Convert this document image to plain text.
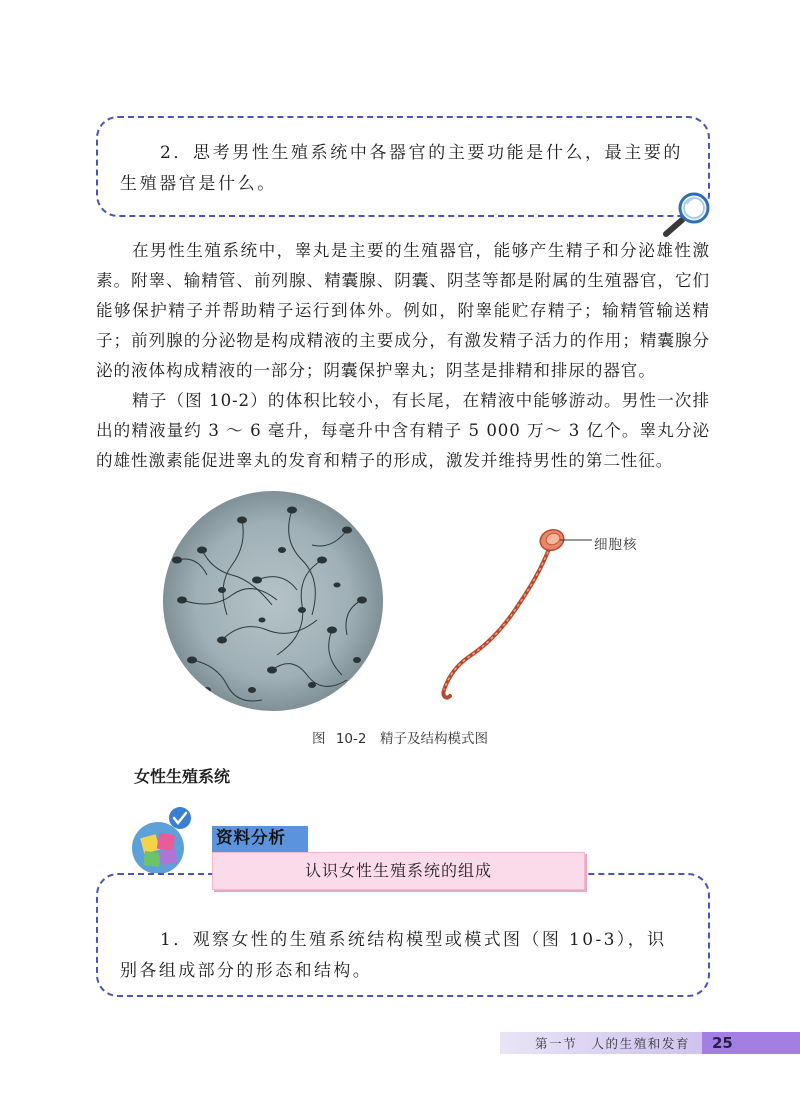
2．思考男性生殖系统中各器官的主要功能是什么，最主要的生殖器官是什么。

在男性生殖系统中，睾丸是主要的生殖器官，能够产生精子和分泌雄性激素。附睾、输精管、前列腺、精囊腺、阴囊、阴茎等都是附属的生殖器官，它们能够保护精子并帮助精子运行到体外。例如，附睾能贮存精子；输精管输送精子；前列腺的分泌物是构成精液的主要成分，有激发精子活力的作用；精囊腺分泌的液体构成精液的一部分；阴囊保护睾丸；阴茎是排精和排尿的器官。

精子（图 10-2）的体积比较小，有长尾，在精液中能够游动。男性一次排出的精液量约 3 ～ 6 毫升，每毫升中含有精子 5 000 万～ 3 亿个。睾丸分泌的雄性激素能促进睾丸的发育和精子的形成，激发并维持男性的第二性征。

细胞核
图 10-2　精子及结构模式图
女性生殖系统
资料分析

1．观察女性的生殖系统结构模型或模式图（图 10-3），识别各组成部分的形态和结构。

认识女性生殖系统的组成
第一节　人的生殖和发育	25
